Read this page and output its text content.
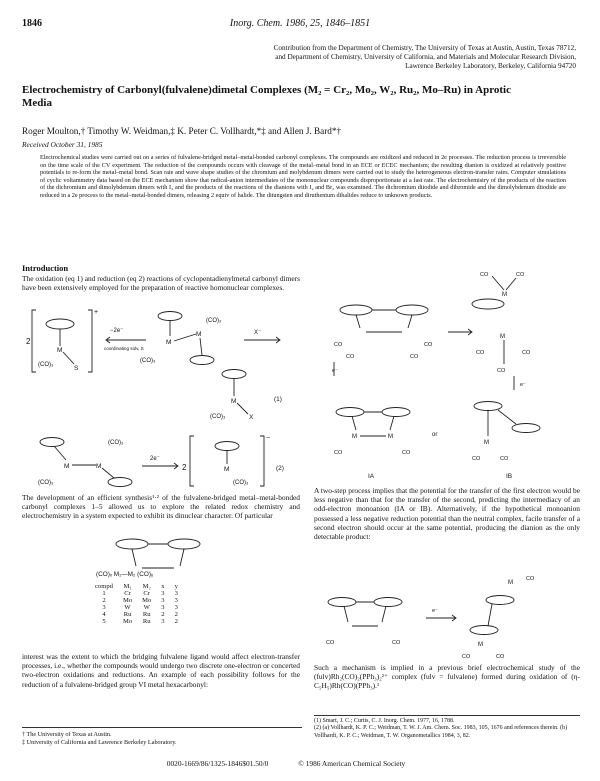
1846	Inorg. Chem. 1986, 25, 1846–1851
Contribution from the Department of Chemistry, The University of Texas at Austin, Austin, Texas 78712,
and Department of Chemistry, University of California, and Materials and Molecular Research Division,
Lawrence Berkeley Laboratory, Berkeley, California 94720
Electrochemistry of Carbonyl(fulvalene)dimetal Complexes (M₂ = Cr₂, Mo₂, W₂, Ru₂, Mo–Ru) in Aprotic Media
Roger Moulton,† Timothy W. Weidman,‡ K. Peter C. Vollhardt,*‡ and Allen J. Bard*†
Received October 31, 1985
Electrochemical studies were carried out on a series of fulvalene-bridged metal–metal-bonded carbonyl complexes. The compounds are oxidized and reduced in 2e processes. The reduction process is irreversible on the time scale of the CV experiment. The reduction of the compounds occurs with cleavage of the metal–metal bond in an ECE or ECEC mechanism; the resulting dianion is oxidized at relatively positive potentials to re-form the metal–metal bond. Scan rate and wave shape studies of the chromium and molybdenum dimers were carried out to study the heterogeneous electron-transfer rates. Computer simulations of cyclic voltammetry data based on the ECE mechanism show that radical-anion intermediates of the mononuclear compounds disproportionate at a fast rate. The electrochemistry of the products of the reaction of the dichromium and dimolybdenum dimers with I₂ and the products of the reactions of the dianions with I₂ and Br₂ was examined. The dichromium diiodide and dibromide and the dimolybdenum diiodide are reduced in a 2e process to the metal–metal-bonded dimers, releasing 2 equiv of halide. The ditungsten and diruthenium dihalides reduce to unknown products.
Introduction
The oxidation (eq 1) and reduction (eq 2) reactions of cyclopentadienylmetal carbonyl dimers have been extensively employed for the preparation of reactive homonuclear complexes.
2
+
M
S
(CO)₃
−2e⁻
coordinating solv, S
M
M
(CO)₃
(CO)₃
X⁻
M
X
(CO)₃
(1)
M	M
(CO)₃
(CO)₃
2e⁻
2
−
M
(CO)₃
(2)
The development of an efficient synthesis¹·² of the fulvalene-bridged metal–metal-bonded carbonyl complexes 1–5 allowed us to explore the related redox chemistry and electrochemistry in a system expected to exhibit its dinuclear character. Of particular
(CO)ₓ M₁—M₂ (CO)ᵧ
compd	M₁	M₂	x	y
1	Cr	Cr	3	3
2	Mo	Mo	3	3
3	W	W	3	3
4	Ru	Ru	2	2
5	Mo	Ru	3	2
interest was the extent to which the bridging fulvalene ligand would affect electron-transfer processes, i.e., whether the compounds would undergo two discrete one-electron or concerted two-electron oxidations and reductions. An example of each possibility follows for the reduction of a fulvalene-bridged group VI metal hexacarbonyl:
CO	CO
M
CO	CO
CO	CO
M
CO	CO
CO
e⁻
e⁻
M	M
CO	CO
IA
or
M
CO	CO
IB
A two-step process implies that the potential for the transfer of the first electron would be less negative than that for the transfer of the second, predicting the intermediacy of an odd-electron monoanion (IA or IB). Alternatively, if the hypothetical monoanion possessed a less negative reduction potential than the neutral complex, facile transfer of a second electron should occur at the same potential, producing the dianion as the only detectable product:
CO	CO
e⁻
M
CO
M
CO	CO
Such a mechanism is implied in a previous brief electrochemical study of the (fulv)Rh₂(CO)₂(PPh₃)₂²⁺ complex (fulv = fulvalene) formed during oxidation of (η-C₅H₅)Rh(CO)(PPh₃).¹
† The University of Texas at Austin.
‡ University of California and Lawrence Berkeley Laboratory.
(1) Smart, J. C.; Curtis, C. J. Inorg. Chem. 1977, 16, 1788.
(2) (a) Vollhardt, K. P. C.; Weidman, T. W. J. Am. Chem. Soc. 1983, 105, 1676 and references therein. (b) Vollhardt, K. P. C.; Weidman, T. W. Organometallics 1984, 3, 82.
0020-1669/86/1325-1846$01.50/0	© 1986 American Chemical Society
